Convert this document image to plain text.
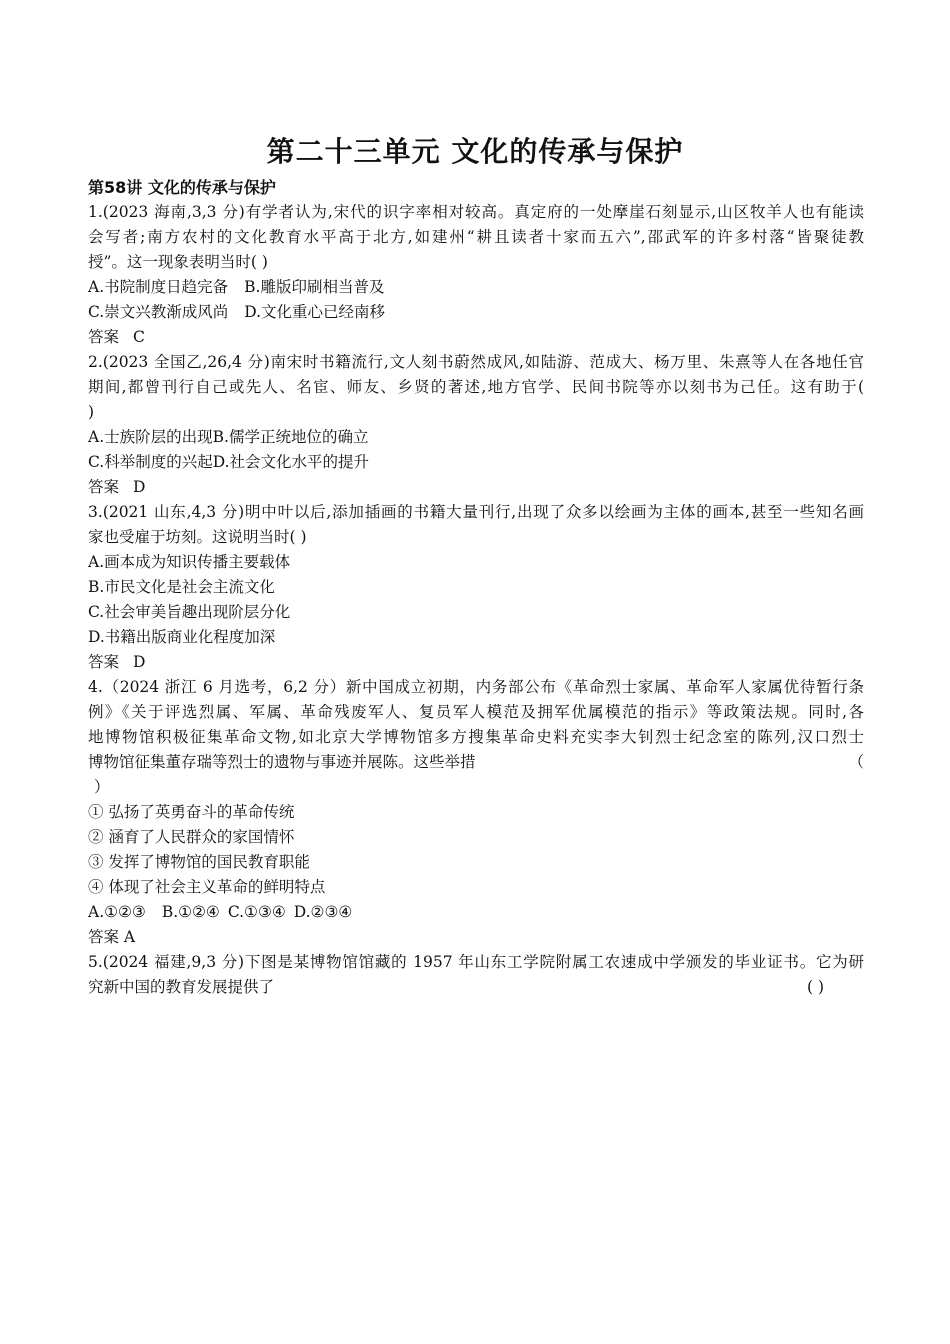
第二十三单元 文化的传承与保护
第58讲 文化的传承与保护
1.(2023 海南,3,3 分)有学者认为,宋代的识字率相对较高。真定府的一处摩崖石刻显示,山区牧羊人也有能读
会写者;南方农村的文化教育水平高于北方,如建州“耕且读者十家而五六”,邵武军的许多村落“皆聚徒教
授”。这一现象表明当时( )
A.书院制度日趋完备 B.雕版印刷相当普及
C.崇文兴教渐成风尚 D.文化重心已经南移
答案 C
2.(2023 全国乙,26,4 分)南宋时书籍流行,文人刻书蔚然成风,如陆游、范成大、杨万里、朱熹等人在各地任官
期间,都曾刊行自己或先人、名宦、师友、乡贤的著述,地方官学、民间书院等亦以刻书为己任。这有助于(
)
A.士族阶层的出现B.儒学正统地位的确立
C.科举制度的兴起D.社会文化水平的提升
答案 D
3.(2021 山东,4,3 分)明中叶以后,添加插画的书籍大量刊行,出现了众多以绘画为主体的画本,甚至一些知名画
家也受雇于坊刻。这说明当时( )
A.画本成为知识传播主要载体
B.市民文化是社会主流文化
C.社会审美旨趣出现阶层分化
D.书籍出版商业化程度加深
答案 D
4.（2024 浙江 6 月选考，6,2 分）新中国成立初期，内务部公布《革命烈士家属、革命军人家属优待暂行条
例》《关于评选烈属、军属、革命残废军人、复员军人模范及拥军优属模范的指示》等政策法规。同时,各
地博物馆积极征集革命文物,如北京大学博物馆多方搜集革命史料充实李大钊烈士纪念室的陈列,汉口烈士
博物馆征集董存瑞等烈士的遗物与事迹并展陈。这些举措	（
）
① 弘扬了英勇奋斗的革命传统
② 涵育了人民群众的家国情怀
③ 发挥了博物馆的国民教育职能
④ 体现了社会主义革命的鲜明特点
A.①②③ B.①②④ C.①③④ D.②③④
答案 A
5.(2024 福建,9,3 分)下图是某博物馆馆藏的 1957 年山东工学院附属工农速成中学颁发的毕业证书。它为研
究新中国的教育发展提供了	( )
